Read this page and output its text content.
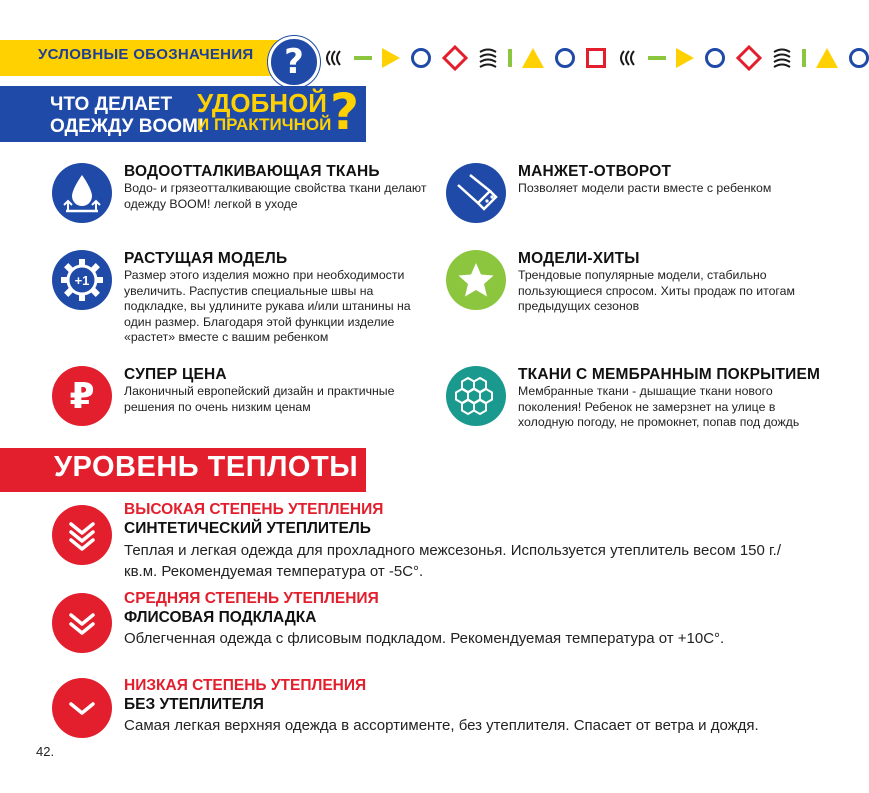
УСЛОВНЫЕ ОБОЗНАЧЕНИЯ ?
ЧТО ДЕЛАЕТ
ОДЕЖДУ BOOM!
УДОБНОЙ
И ПРАКТИЧНОЙ
?
ВОДООТТАЛКИВАЮЩАЯ ТКАНЬ
Водо- и грязеотталкивающие свойства ткани делают одежду BOOM! легкой в уходе
МАНЖЕТ-ОТВОРОТ
Позволяет модели расти вместе с ребенком
+1
РАСТУЩАЯ МОДЕЛЬ
Размер этого изделия можно при необходимости увеличить. Распустив специальные швы на подкладке, вы удлините рукава и/или штанины на один размер. Благодаря этой функции изделие «растет» вместе с вашим ребенком
МОДЕЛИ-ХИТЫ
Трендовые популярные модели, стабильно пользующиеся спросом. Хиты продаж по итогам предыдущих сезонов
₽
СУПЕР ЦЕНА
Лаконичный европейский дизайн и практичные решения по очень низким ценам
ТКАНИ С МЕМБРАННЫМ ПОКРЫТИЕМ
Мембранные ткани - дышащие ткани нового поколения! Ребенок не замерзнет на улице в холодную погоду, не промокнет, попав под дождь
УРОВЕНЬ ТЕПЛОТЫ
ВЫСОКАЯ СТЕПЕНЬ УТЕПЛЕНИЯ
СИНТЕТИЧЕСКИЙ УТЕПЛИТЕЛЬ
Теплая и легкая одежда для прохладного межсезонья. Используется утеплитель весом 150 г./кв.м. Рекомендуемая температура от -5С°.
СРЕДНЯЯ СТЕПЕНЬ УТЕПЛЕНИЯ
ФЛИСОВАЯ ПОДКЛАДКА
Облегченная одежда с флисовым подкладом. Рекомендуемая температура от +10С°.
НИЗКАЯ СТЕПЕНЬ УТЕПЛЕНИЯ
БЕЗ УТЕПЛИТЕЛЯ
Самая легкая верхняя одежда в ассортименте, без утеплителя. Спасает от ветра и дождя.
42.
